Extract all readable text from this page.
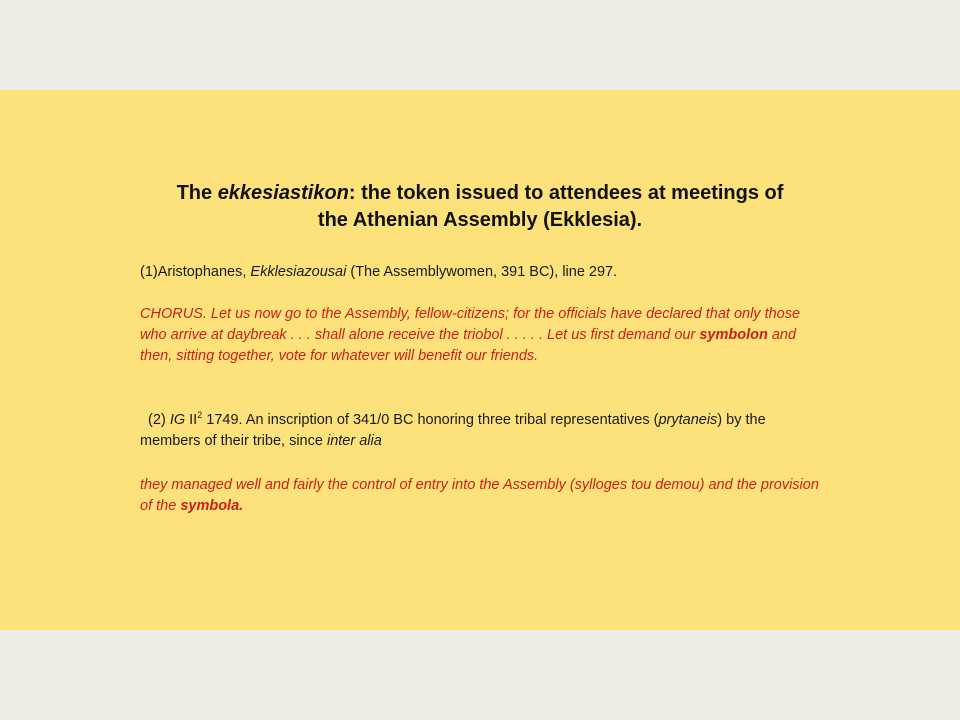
The ekkesiastikon: the token issued to attendees at meetings of
the Athenian Assembly (Ekklesia).

(1)Aristophanes, Ekklesiazousai (The Assemblywomen, 391 BC), line 297.

CHORUS. Let us now go to the Assembly, fellow-citizens; for the officials have declared that only those who arrive at daybreak . . . shall alone receive the triobol . . . . . Let us first demand our symbolon and then, sitting together, vote for whatever will benefit our friends.

(2) IG $II^2$ 1749. An inscription of 341/0 BC honoring three tribal representatives (prytaneis) by the members of their tribe, since inter alia

they managed well and fairly the control of entry into the Assembly (sylloges tou demou) and the provision of the symbola.
